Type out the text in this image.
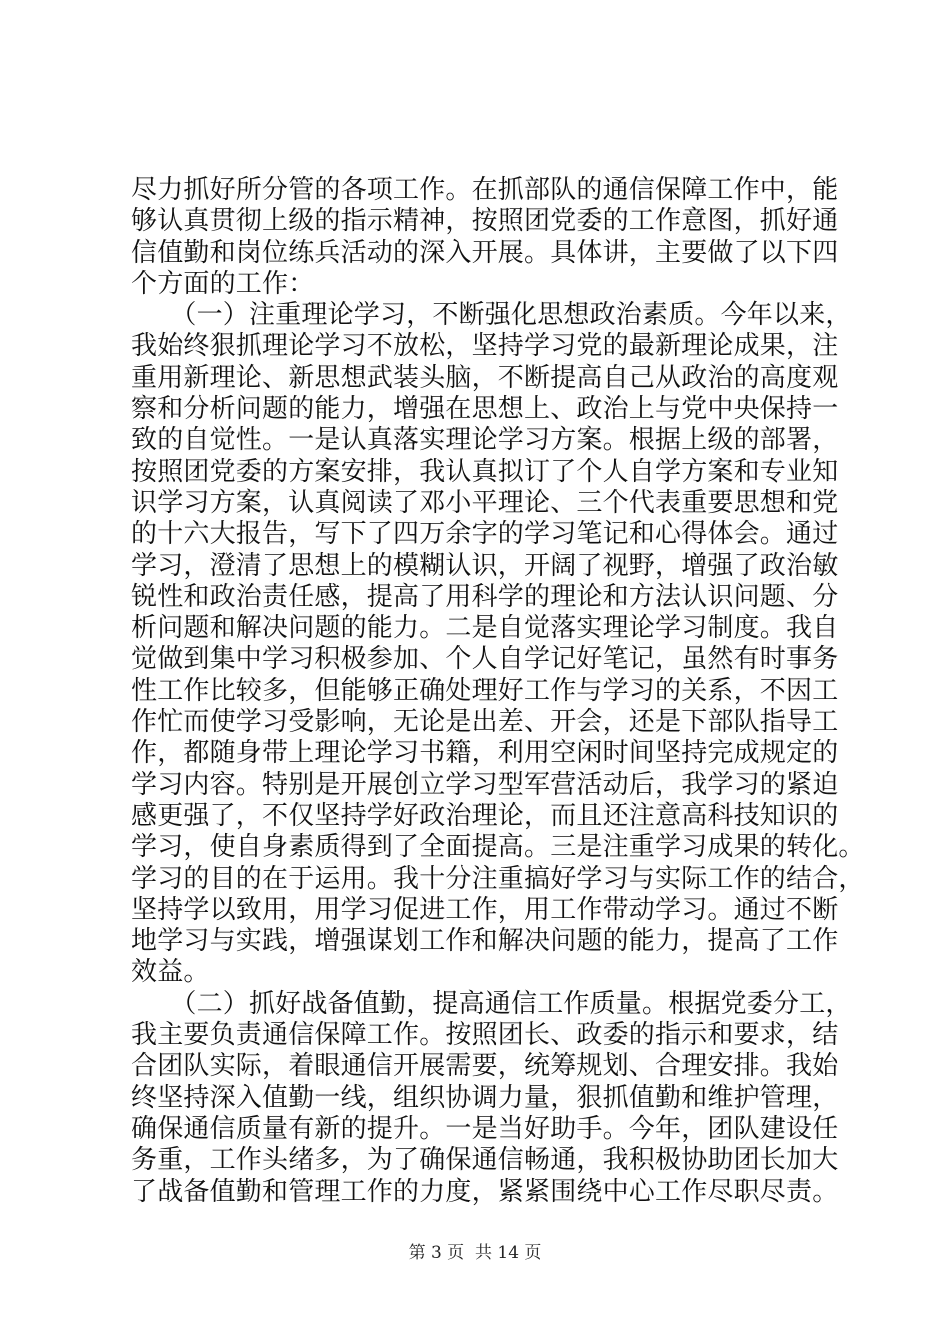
尽力抓好所分管的各项工作。在抓部队的通信保障工作中，能
够认真贯彻上级的指示精神，按照团党委的工作意图，抓好通
信值勤和岗位练兵活动的深入开展。具体讲，主要做了以下四
个方面的工作：
　　（一）注重理论学习，不断强化思想政治素质。今年以来，
我始终狠抓理论学习不放松，坚持学习党的最新理论成果，注
重用新理论、新思想武装头脑，不断提高自己从政治的高度观
察和分析问题的能力，增强在思想上、政治上与党中央保持一
致的自觉性。一是认真落实理论学习方案。根据上级的部署，
按照团党委的方案安排，我认真拟订了个人自学方案和专业知
识学习方案，认真阅读了邓小平理论、三个代表重要思想和党
的十六大报告，写下了四万余字的学习笔记和心得体会。通过
学习，澄清了思想上的模糊认识，开阔了视野，增强了政治敏
锐性和政治责任感，提高了用科学的理论和方法认识问题、分
析问题和解决问题的能力。二是自觉落实理论学习制度。我自
觉做到集中学习积极参加、个人自学记好笔记，虽然有时事务
性工作比较多，但能够正确处理好工作与学习的关系，不因工
作忙而使学习受影响，无论是出差、开会，还是下部队指导工
作，都随身带上理论学习书籍，利用空闲时间坚持完成规定的
学习内容。特别是开展创立学习型军营活动后，我学习的紧迫
感更强了，不仅坚持学好政治理论，而且还注意高科技知识的
学习，使自身素质得到了全面提高。三是注重学习成果的转化。
学习的目的在于运用。我十分注重搞好学习与实际工作的结合，
坚持学以致用，用学习促进工作，用工作带动学习。通过不断
地学习与实践，增强谋划工作和解决问题的能力，提高了工作
效益。
　　（二）抓好战备值勤，提高通信工作质量。根据党委分工，
我主要负责通信保障工作。按照团长、政委的指示和要求，结
合团队实际，着眼通信开展需要，统筹规划、合理安排。我始
终坚持深入值勤一线，组织协调力量，狠抓值勤和维护管理，
确保通信质量有新的提升。一是当好助手。今年，团队建设任
务重，工作头绪多，为了确保通信畅通，我积极协助团长加大
了战备值勤和管理工作的力度，紧紧围绕中心工作尽职尽责。
第 3 页  共 14 页
